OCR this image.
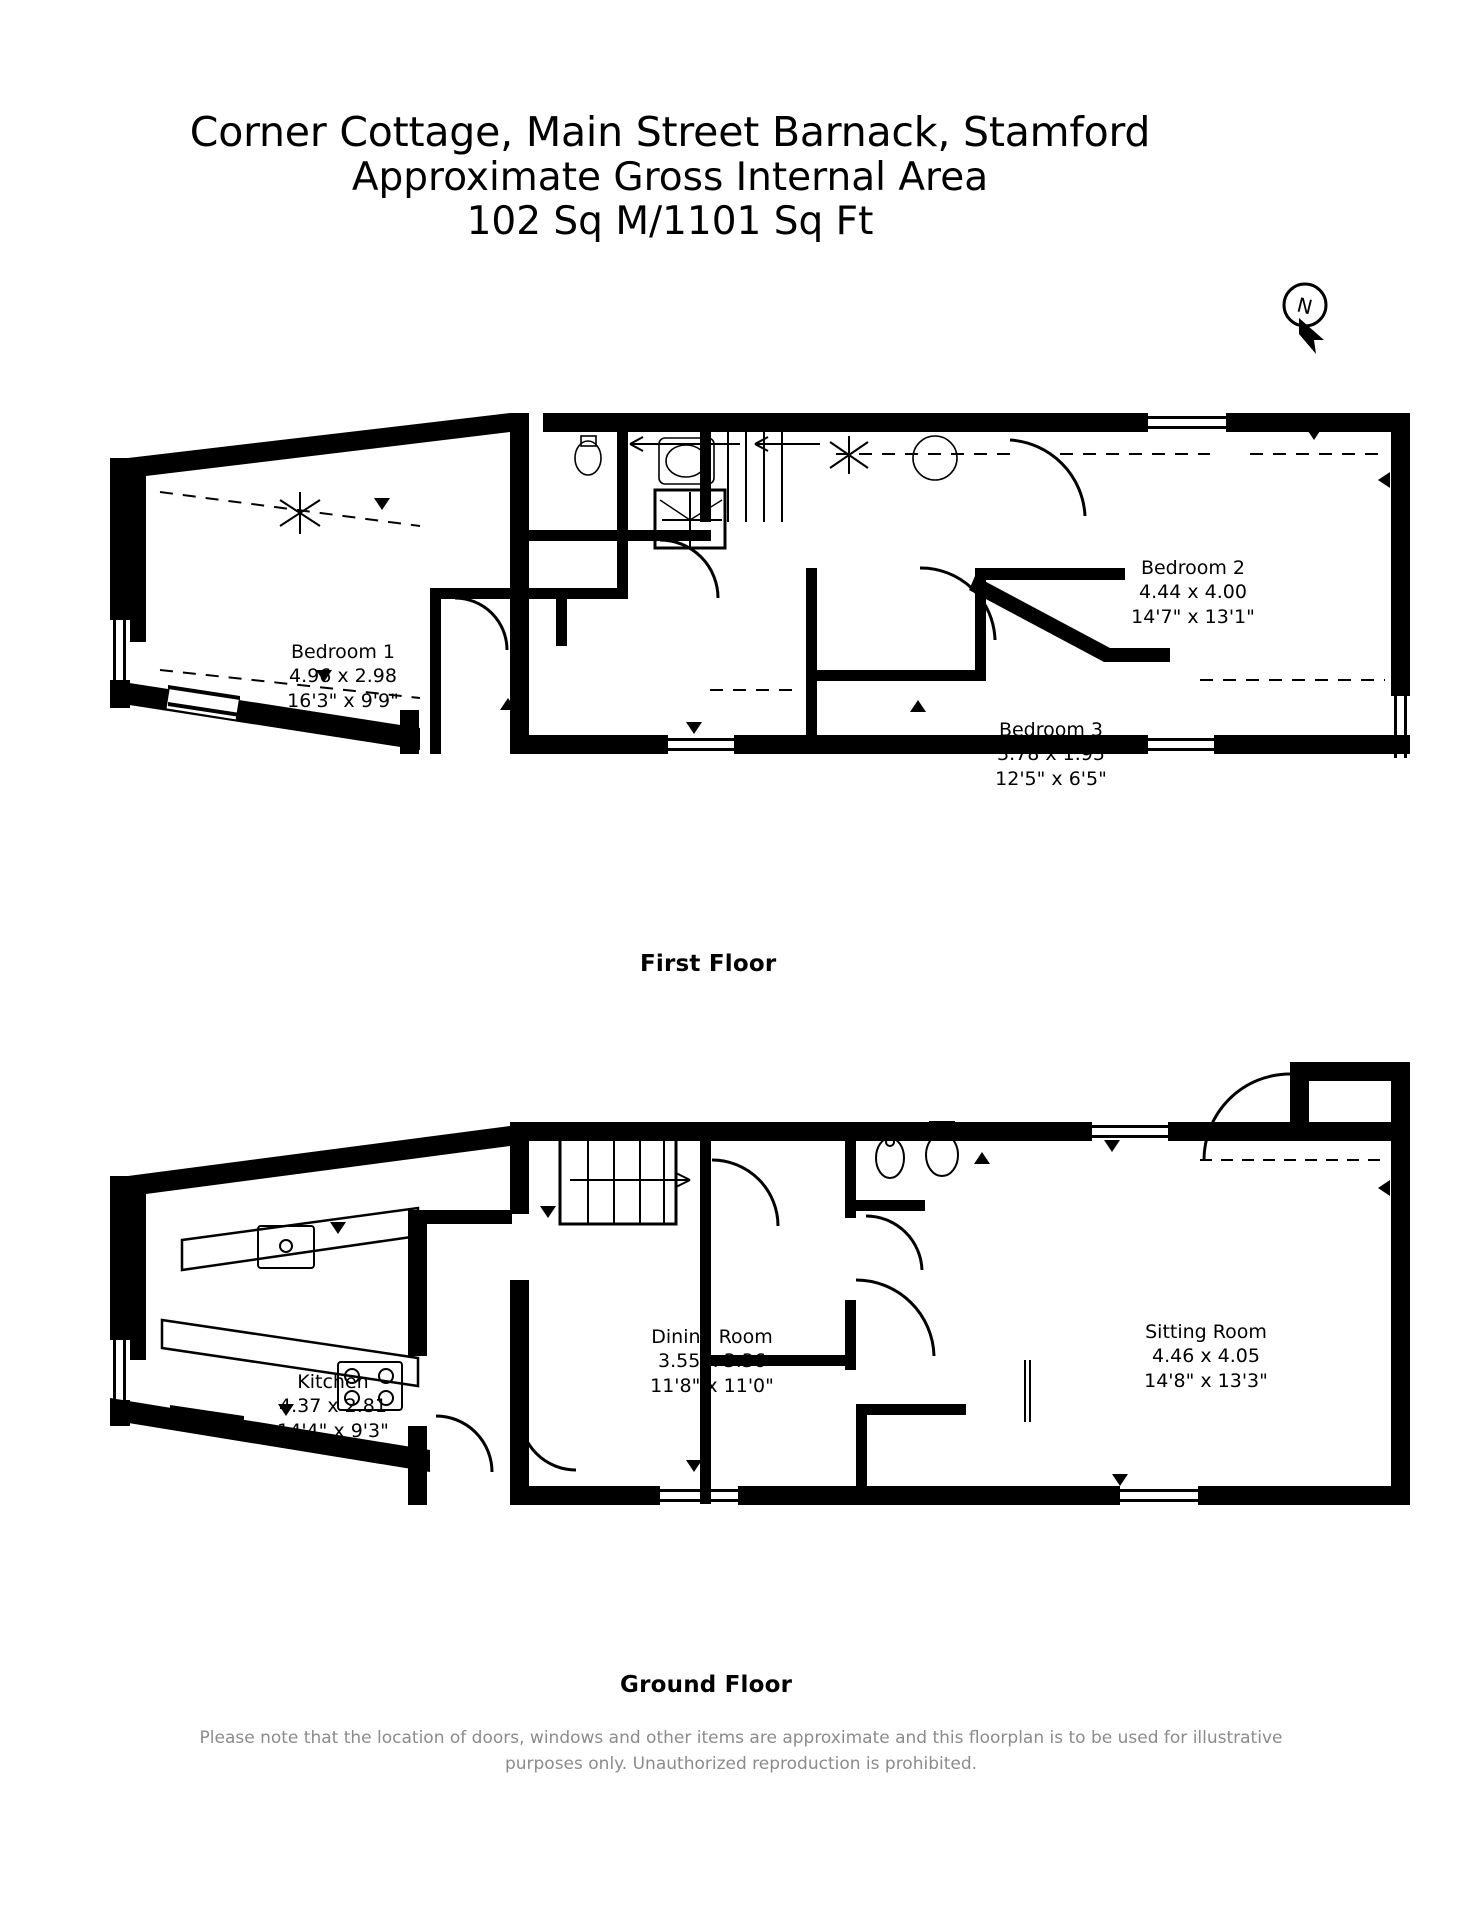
Corner Cottage, Main Street Barnack, Stamford
Approximate Gross Internal Area
102 Sq M/1101 Sq Ft
N
Bedroom 1
4.96 x 2.98
16'3" x 9'9"
Bedroom 2
4.44 x 4.00
14'7" x 13'1"
Bedroom 3
3.78 x 1.95
12'5" x 6'5"
First Floor
Kitchen
4.37 x 2.81
14'4" x 9'3"
Dining Room
3.55 x 3.36
11'8" x 11'0"
Sitting Room
4.46 x 4.05
14'8" x 13'3"
Ground Floor
Please note that the location of doors, windows and other items are approximate and this floorplan is to be used for illustrative
purposes only. Unauthorized reproduction is prohibited.
